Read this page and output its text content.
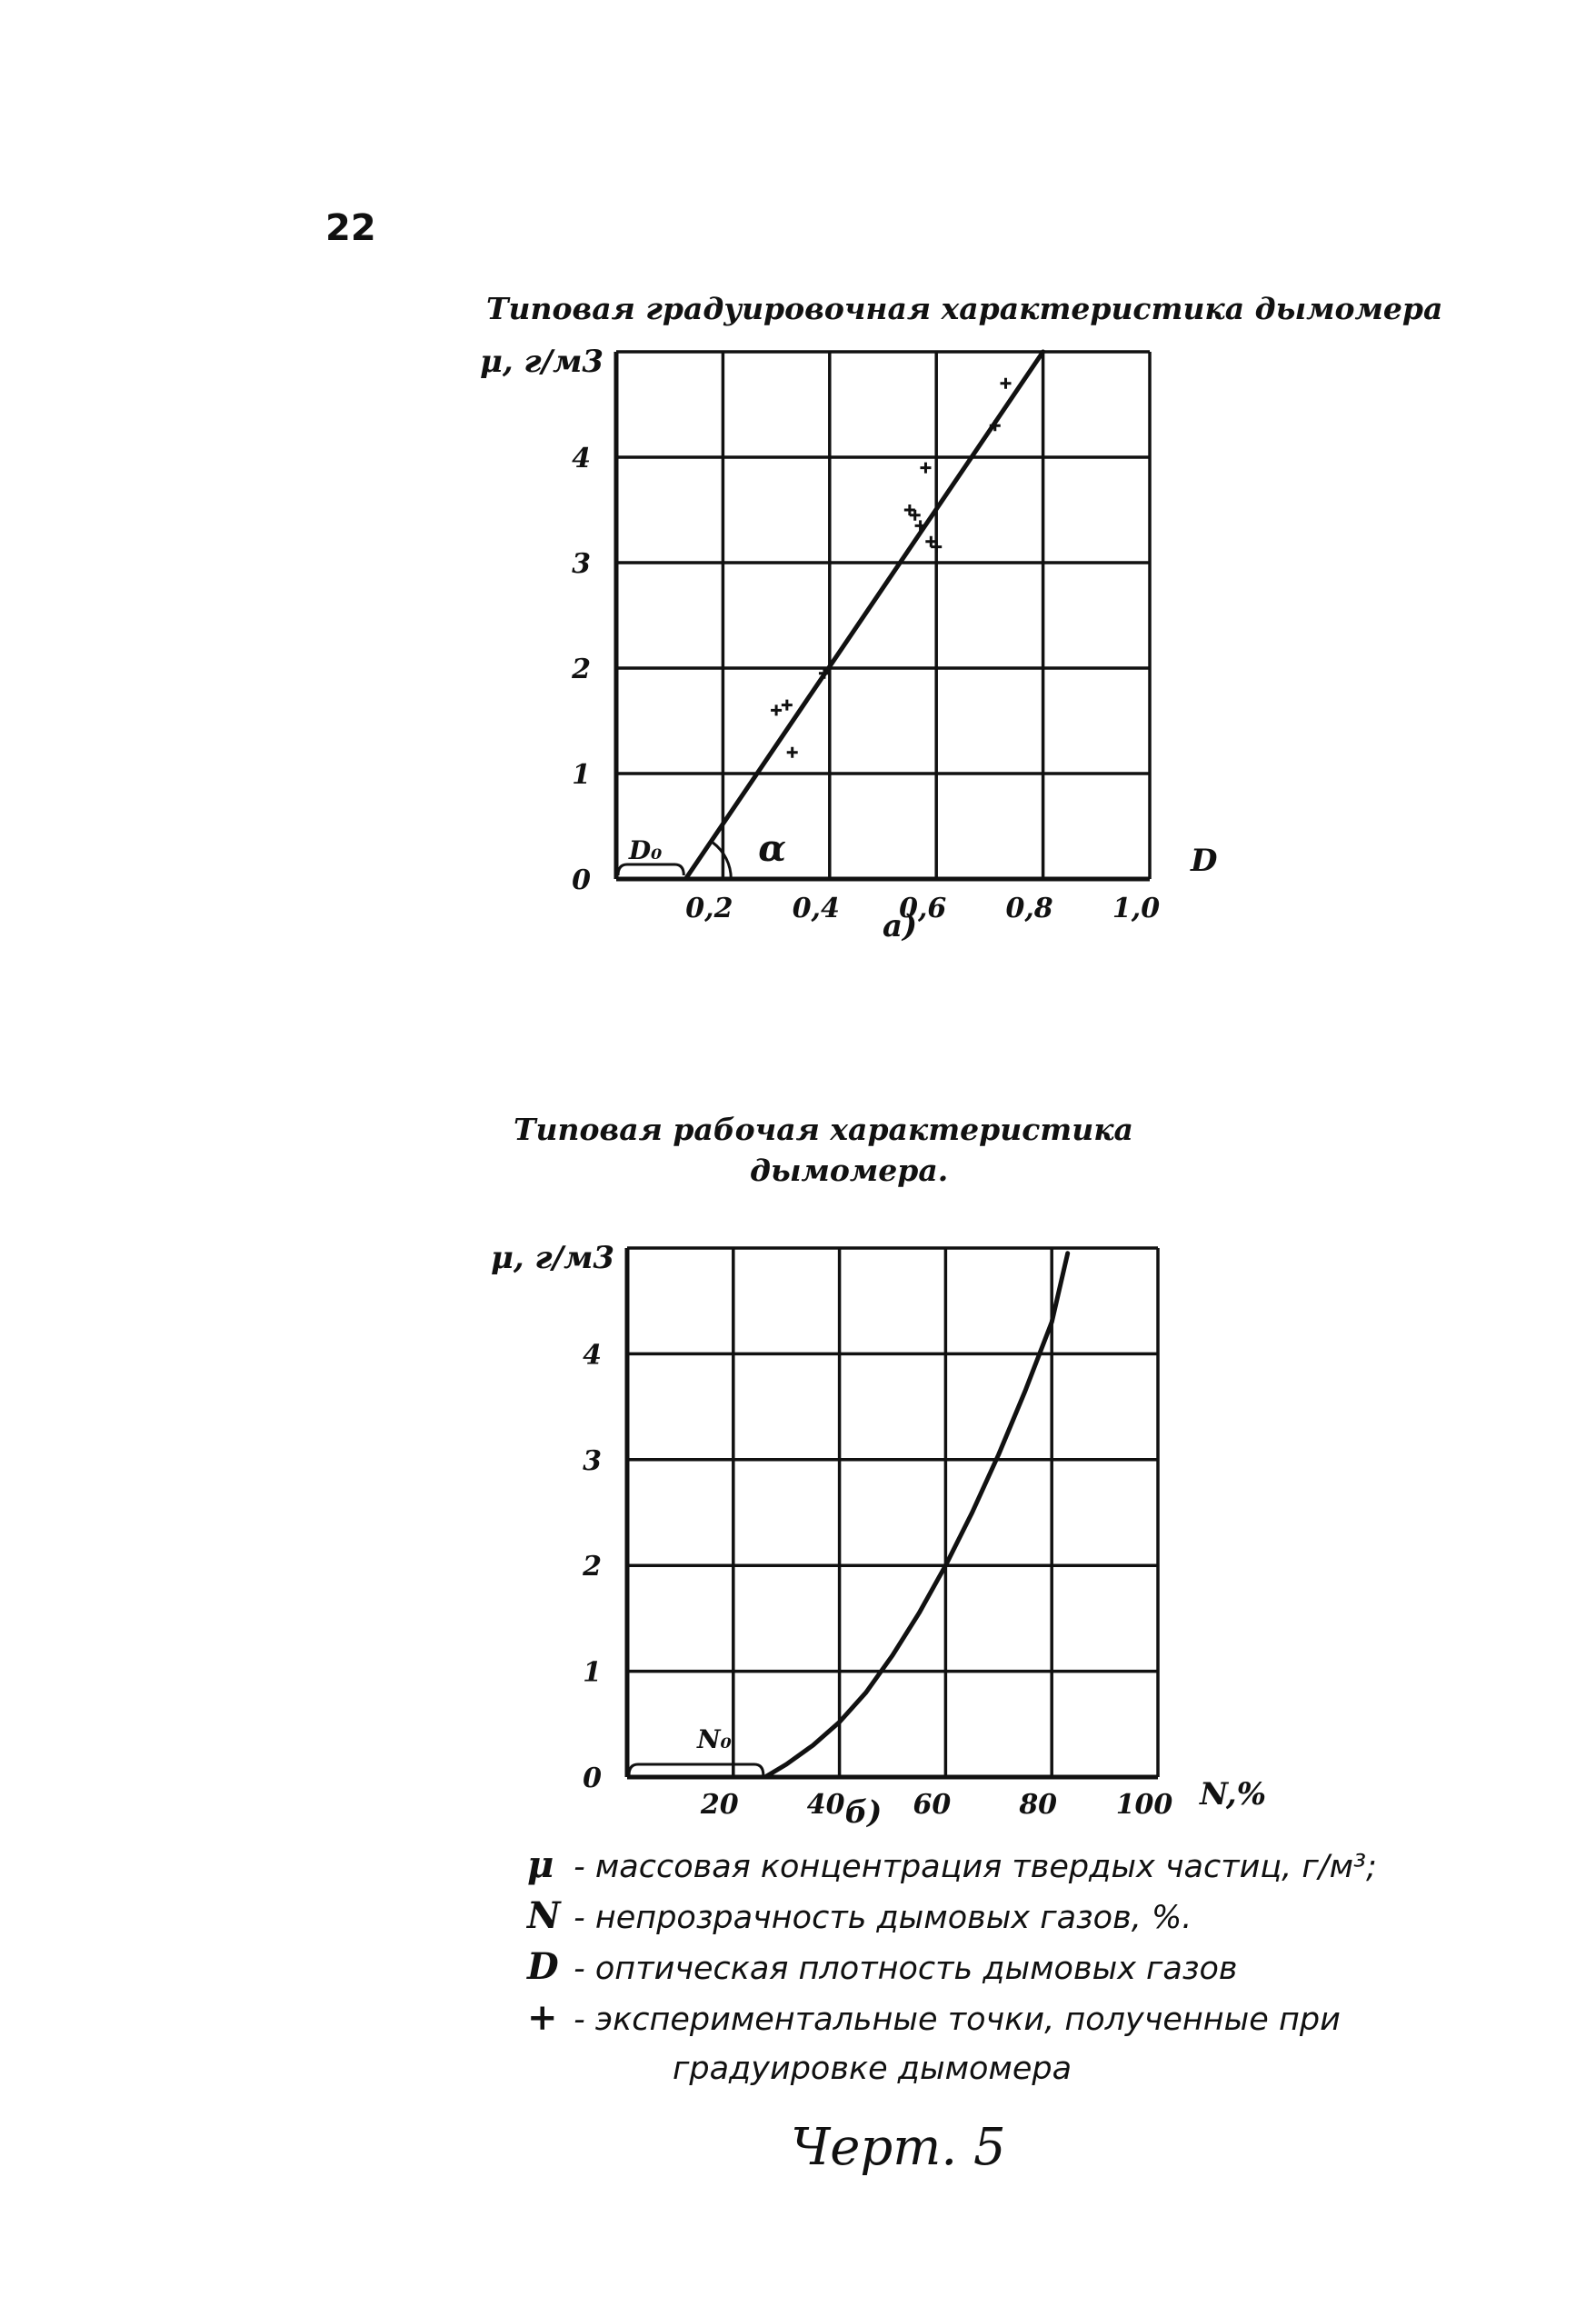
22
Типовая градуировочная характеристика дымомера
Типовая рабочая характеристика
дымомера.
0
1
2
3
4
0,2 0,4 0,6 0,8 1,0
μ, г/м3
D
а)
D₀	α
0
1
2
3
4
20	40	60	80 100
μ, г/м3
N,%
б)
N₀
μ - массовая концентрация твердых частиц, г/м³;
N - непрозрачность дымовых газов, %.
D - оптическая плотность дымовых газов
+ - экспериментальные точки, полученные при
градуировке дымомера
Черт. 5
